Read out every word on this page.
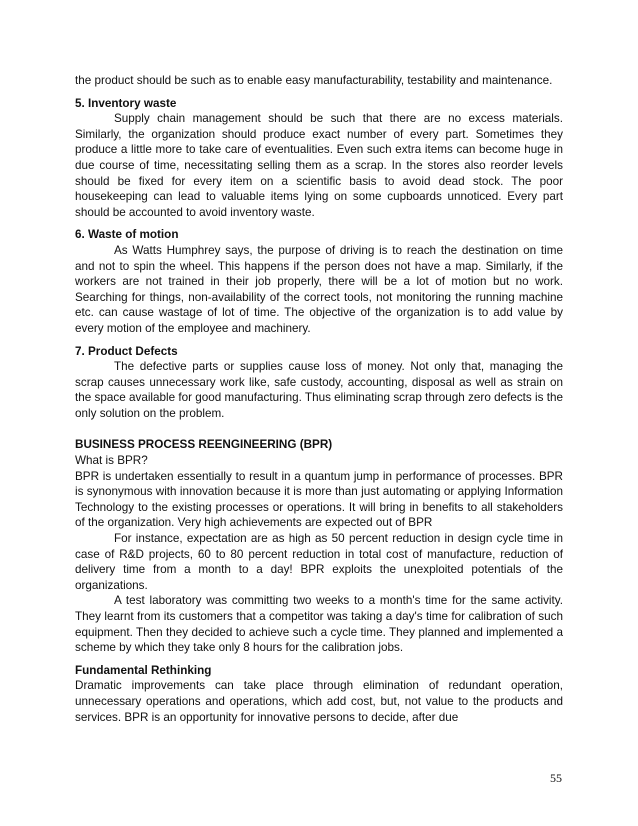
the product should be such as to enable easy manufacturability, testability and maintenance.

5. Inventory waste

Supply chain management should be such that there are no excess materials. Similarly, the organization should produce exact number of every part. Sometimes they produce a little more to take care of eventualities. Even such extra items can become huge in due course of time, necessitating selling them as a scrap. In the stores also reorder levels should be fixed for every item on a scientific basis to avoid dead stock. The poor housekeeping can lead to valuable items lying on some cupboards unnoticed. Every part should be accounted to avoid inventory waste.

6. Waste of motion

As Watts Humphrey says, the purpose of driving is to reach the destination on time and not to spin the wheel. This happens if the person does not have a map. Similarly, if the workers are not trained in their job properly, there will be a lot of motion but no work. Searching for things, non-availability of the correct tools, not monitoring the running machine etc. can cause wastage of lot of time. The objective of the organization is to add value by every motion of the employee and machinery.

7. Product Defects

The defective parts or supplies cause loss of money. Not only that, managing the scrap causes unnecessary work like, safe custody, accounting, disposal as well as strain on the space available for good manufacturing. Thus eliminating scrap through zero defects is the only solution on the problem.

BUSINESS PROCESS REENGINEERING (BPR)

What is BPR?

BPR is undertaken essentially to result in a quantum jump in performance of processes. BPR is synonymous with innovation because it is more than just automating or applying Information Technology to the existing processes or operations. It will bring in benefits to all stakeholders of the organization. Very high achievements are expected out of BPR

For instance, expectation are as high as 50 percent reduction in design cycle time in case of R&D projects, 60 to 80 percent reduction in total cost of manufacture, reduction of delivery time from a month to a day! BPR exploits the unexploited potentials of the organizations.

A test laboratory was committing two weeks to a month's time for the same activity. They learnt from its customers that a competitor was taking a day's time for calibration of such equipment. Then they decided to achieve such a cycle time. They planned and implemented a scheme by which they take only 8 hours for the calibration jobs.

Fundamental Rethinking

Dramatic improvements can take place through elimination of redundant operation, unnecessary operations and operations, which add cost, but, not value to the products and services. BPR is an opportunity for innovative persons to decide, after due

55
